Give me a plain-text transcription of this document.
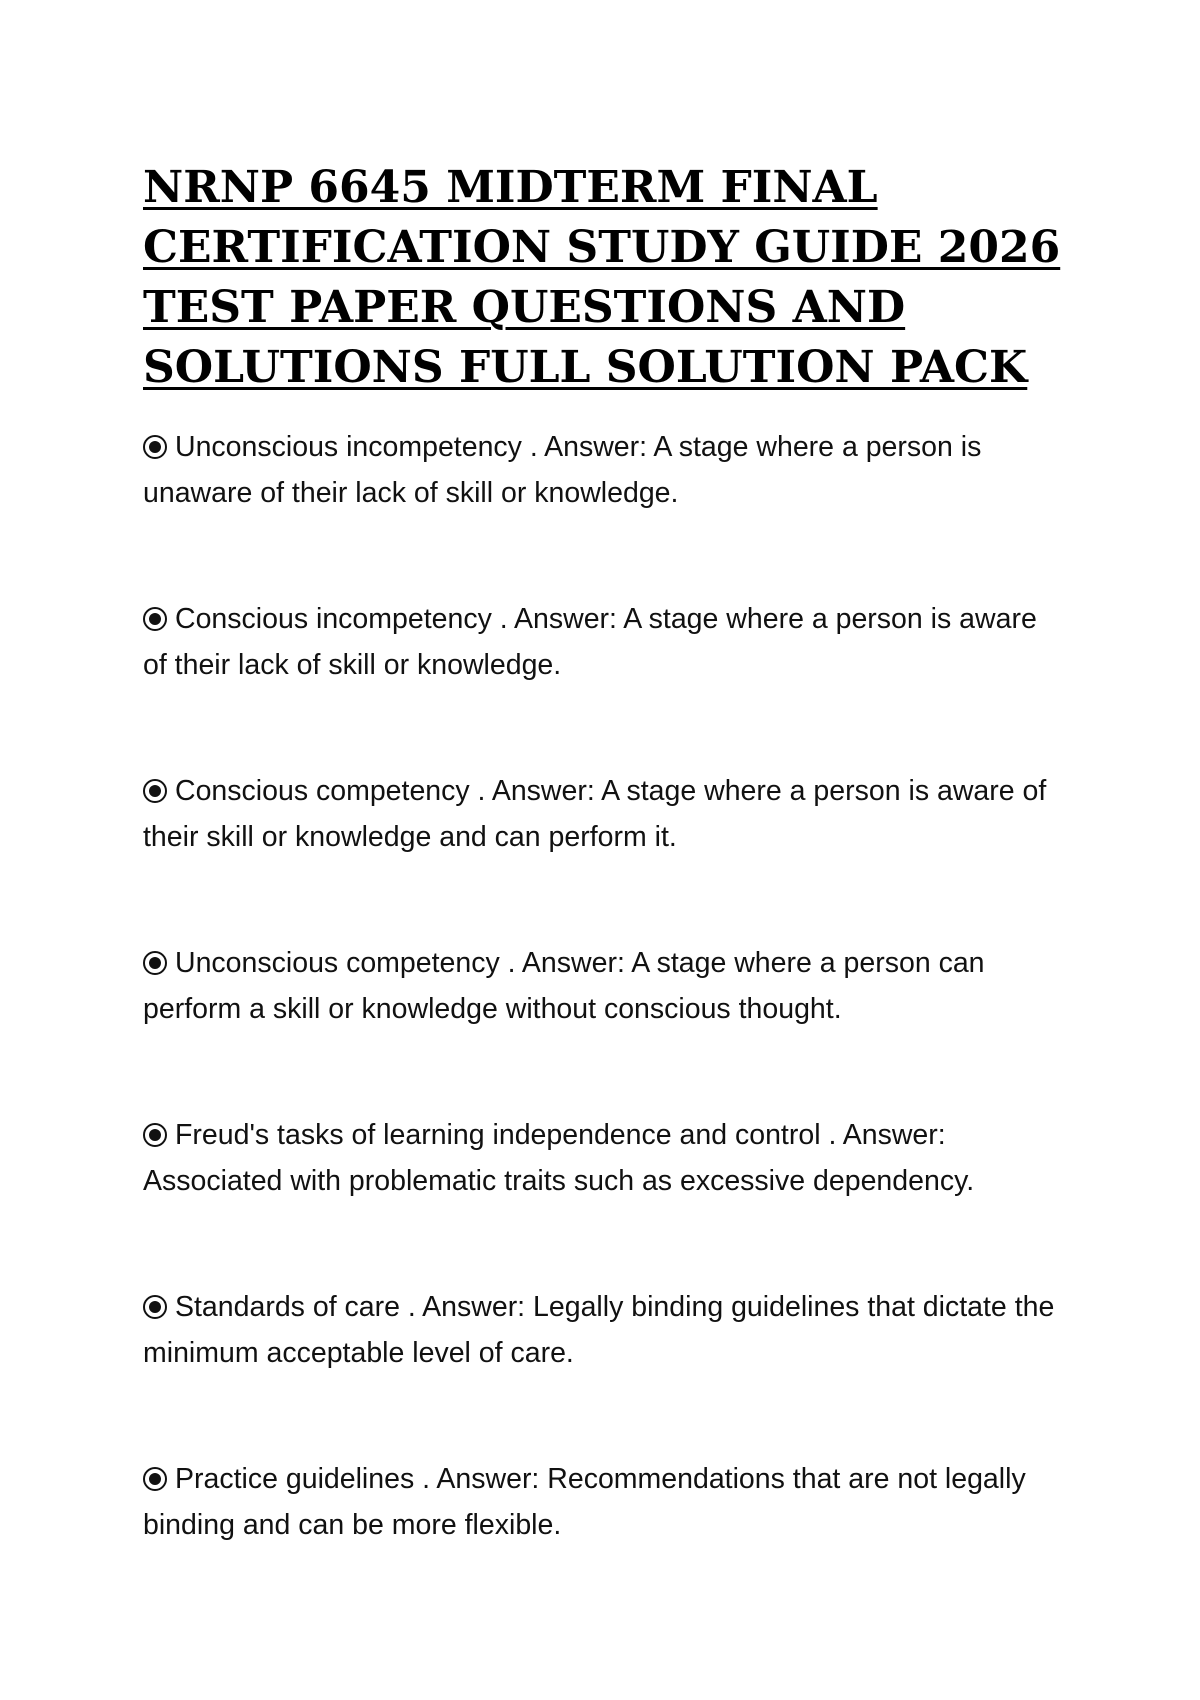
NRNP 6645 MIDTERM FINAL CERTIFICATION STUDY GUIDE 2026 TEST PAPER QUESTIONS AND SOLUTIONS FULL SOLUTION PACK
Unconscious incompetency . Answer: A stage where a person is unaware of their lack of skill or knowledge.
Conscious incompetency . Answer: A stage where a person is aware of their lack of skill or knowledge.
Conscious competency . Answer: A stage where a person is aware of their skill or knowledge and can perform it.
Unconscious competency . Answer: A stage where a person can perform a skill or knowledge without conscious thought.
Freud's tasks of learning independence and control . Answer: Associated with problematic traits such as excessive dependency.
Standards of care . Answer: Legally binding guidelines that dictate the minimum acceptable level of care.
Practice guidelines . Answer: Recommendations that are not legally binding and can be more flexible.
